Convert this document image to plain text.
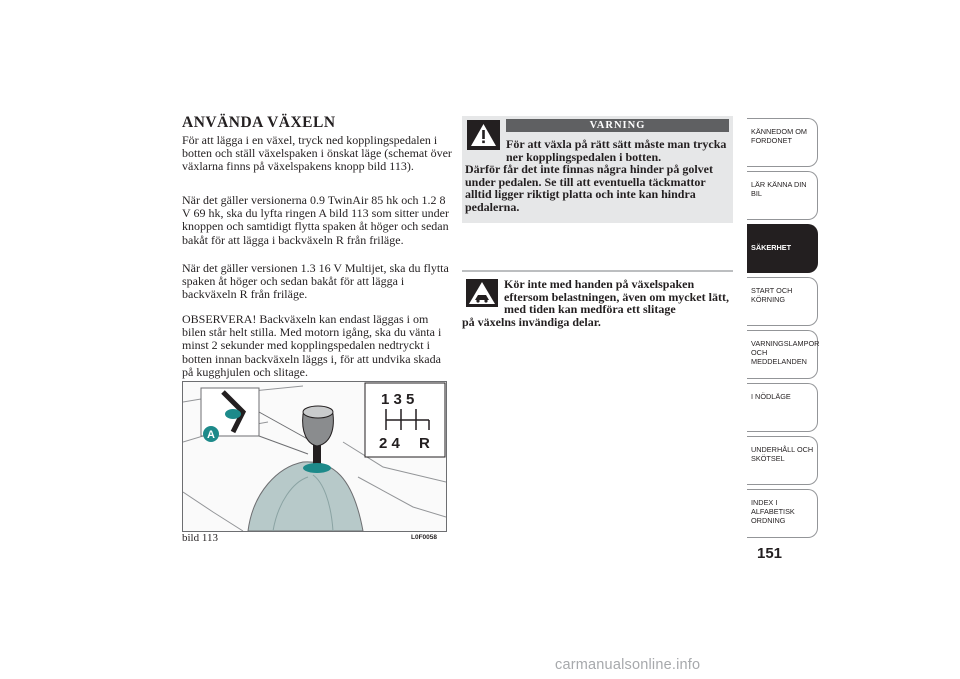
ANVÄNDA VÄXELN

För att lägga i en växel, tryck ned kopplingspedalen i botten och ställ växelspaken i önskat läge (schemat över växlarna finns på växelspakens knopp bild 113).

När det gäller versionerna 0.9 TwinAir 85 hk och 1.2 8 V 69 hk, ska du lyfta ringen A bild 113 som sitter under knoppen och samtidigt flytta spaken åt höger och sedan bakåt för att lägga i backväxeln R från friläge.

När det gäller versionen 1.3 16 V Multijet, ska du flytta spaken åt höger och sedan bakåt för att lägga i backväxeln R från friläge.

OBSERVERA! Backväxeln kan endast läggas i om bilen står helt stilla. Med motorn igång, ska du vänta i minst 2 sekunder med kopplingspedalen nedtryckt i botten innan backväxeln läggs i, för att undvika skada på kugghjulen och slitage.

A
1 3 5
2 4 R
bild 113	L0F0058
VARNING

För att växla på rätt sätt måste man trycka ner kopplingspedalen i botten.
Därför får det inte finnas några hinder på golvet under pedalen. Se till att eventuella täckmattor alltid ligger riktigt platta och inte kan hindra pedalerna.

Kör inte med handen på växelspaken eftersom belastningen, även om mycket lätt, med tiden kan medföra ett slitage
på växelns invändiga delar.

KÄNNEDOM OM FORDONET
LÄR KÄNNA DIN BIL
SÄKERHET
START OCH KÖRNING
VARNINGSLAMPOR OCH MEDDELANDEN
I NÖDLÄGE
UNDERHÅLL OCH SKÖTSEL
INDEX I ALFABETISK ORDNING
151
carmanualsonline.info
